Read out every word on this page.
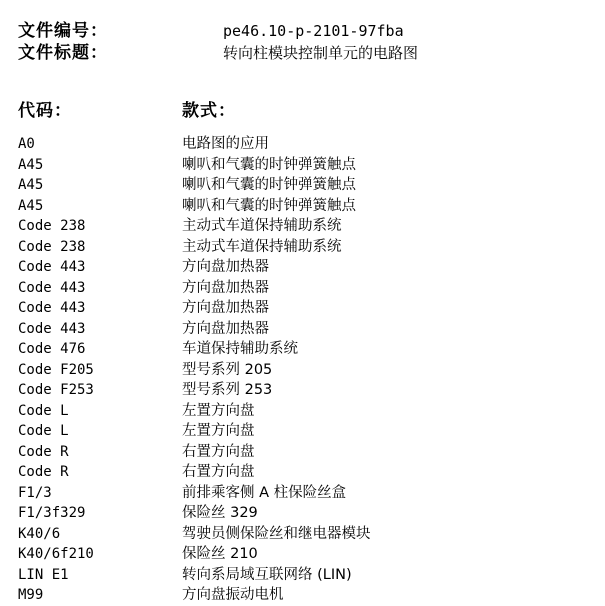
文件编号：	pe46.10-p-2101-97fba
文件标题：	转向柱模块控制单元的电路图
代码：	款式：
A0	电路图的应用
A45	喇叭和气囊的时钟弹簧触点
A45	喇叭和气囊的时钟弹簧触点
A45	喇叭和气囊的时钟弹簧触点
Code 238	主动式车道保持辅助系统
Code 238	主动式车道保持辅助系统
Code 443	方向盘加热器
Code 443	方向盘加热器
Code 443	方向盘加热器
Code 443	方向盘加热器
Code 476	车道保持辅助系统
Code F205	型号系列 205
Code F253	型号系列 253
Code L	左置方向盘
Code L	左置方向盘
Code R	右置方向盘
Code R	右置方向盘
F1/3	前排乘客侧 A 柱保险丝盒
F1/3f329	保险丝 329
K40/6	驾驶员侧保险丝和继电器模块
K40/6f210	保险丝 210
LIN E1	转向系局域互联网络 (LIN)
M99	方向盘振动电机
